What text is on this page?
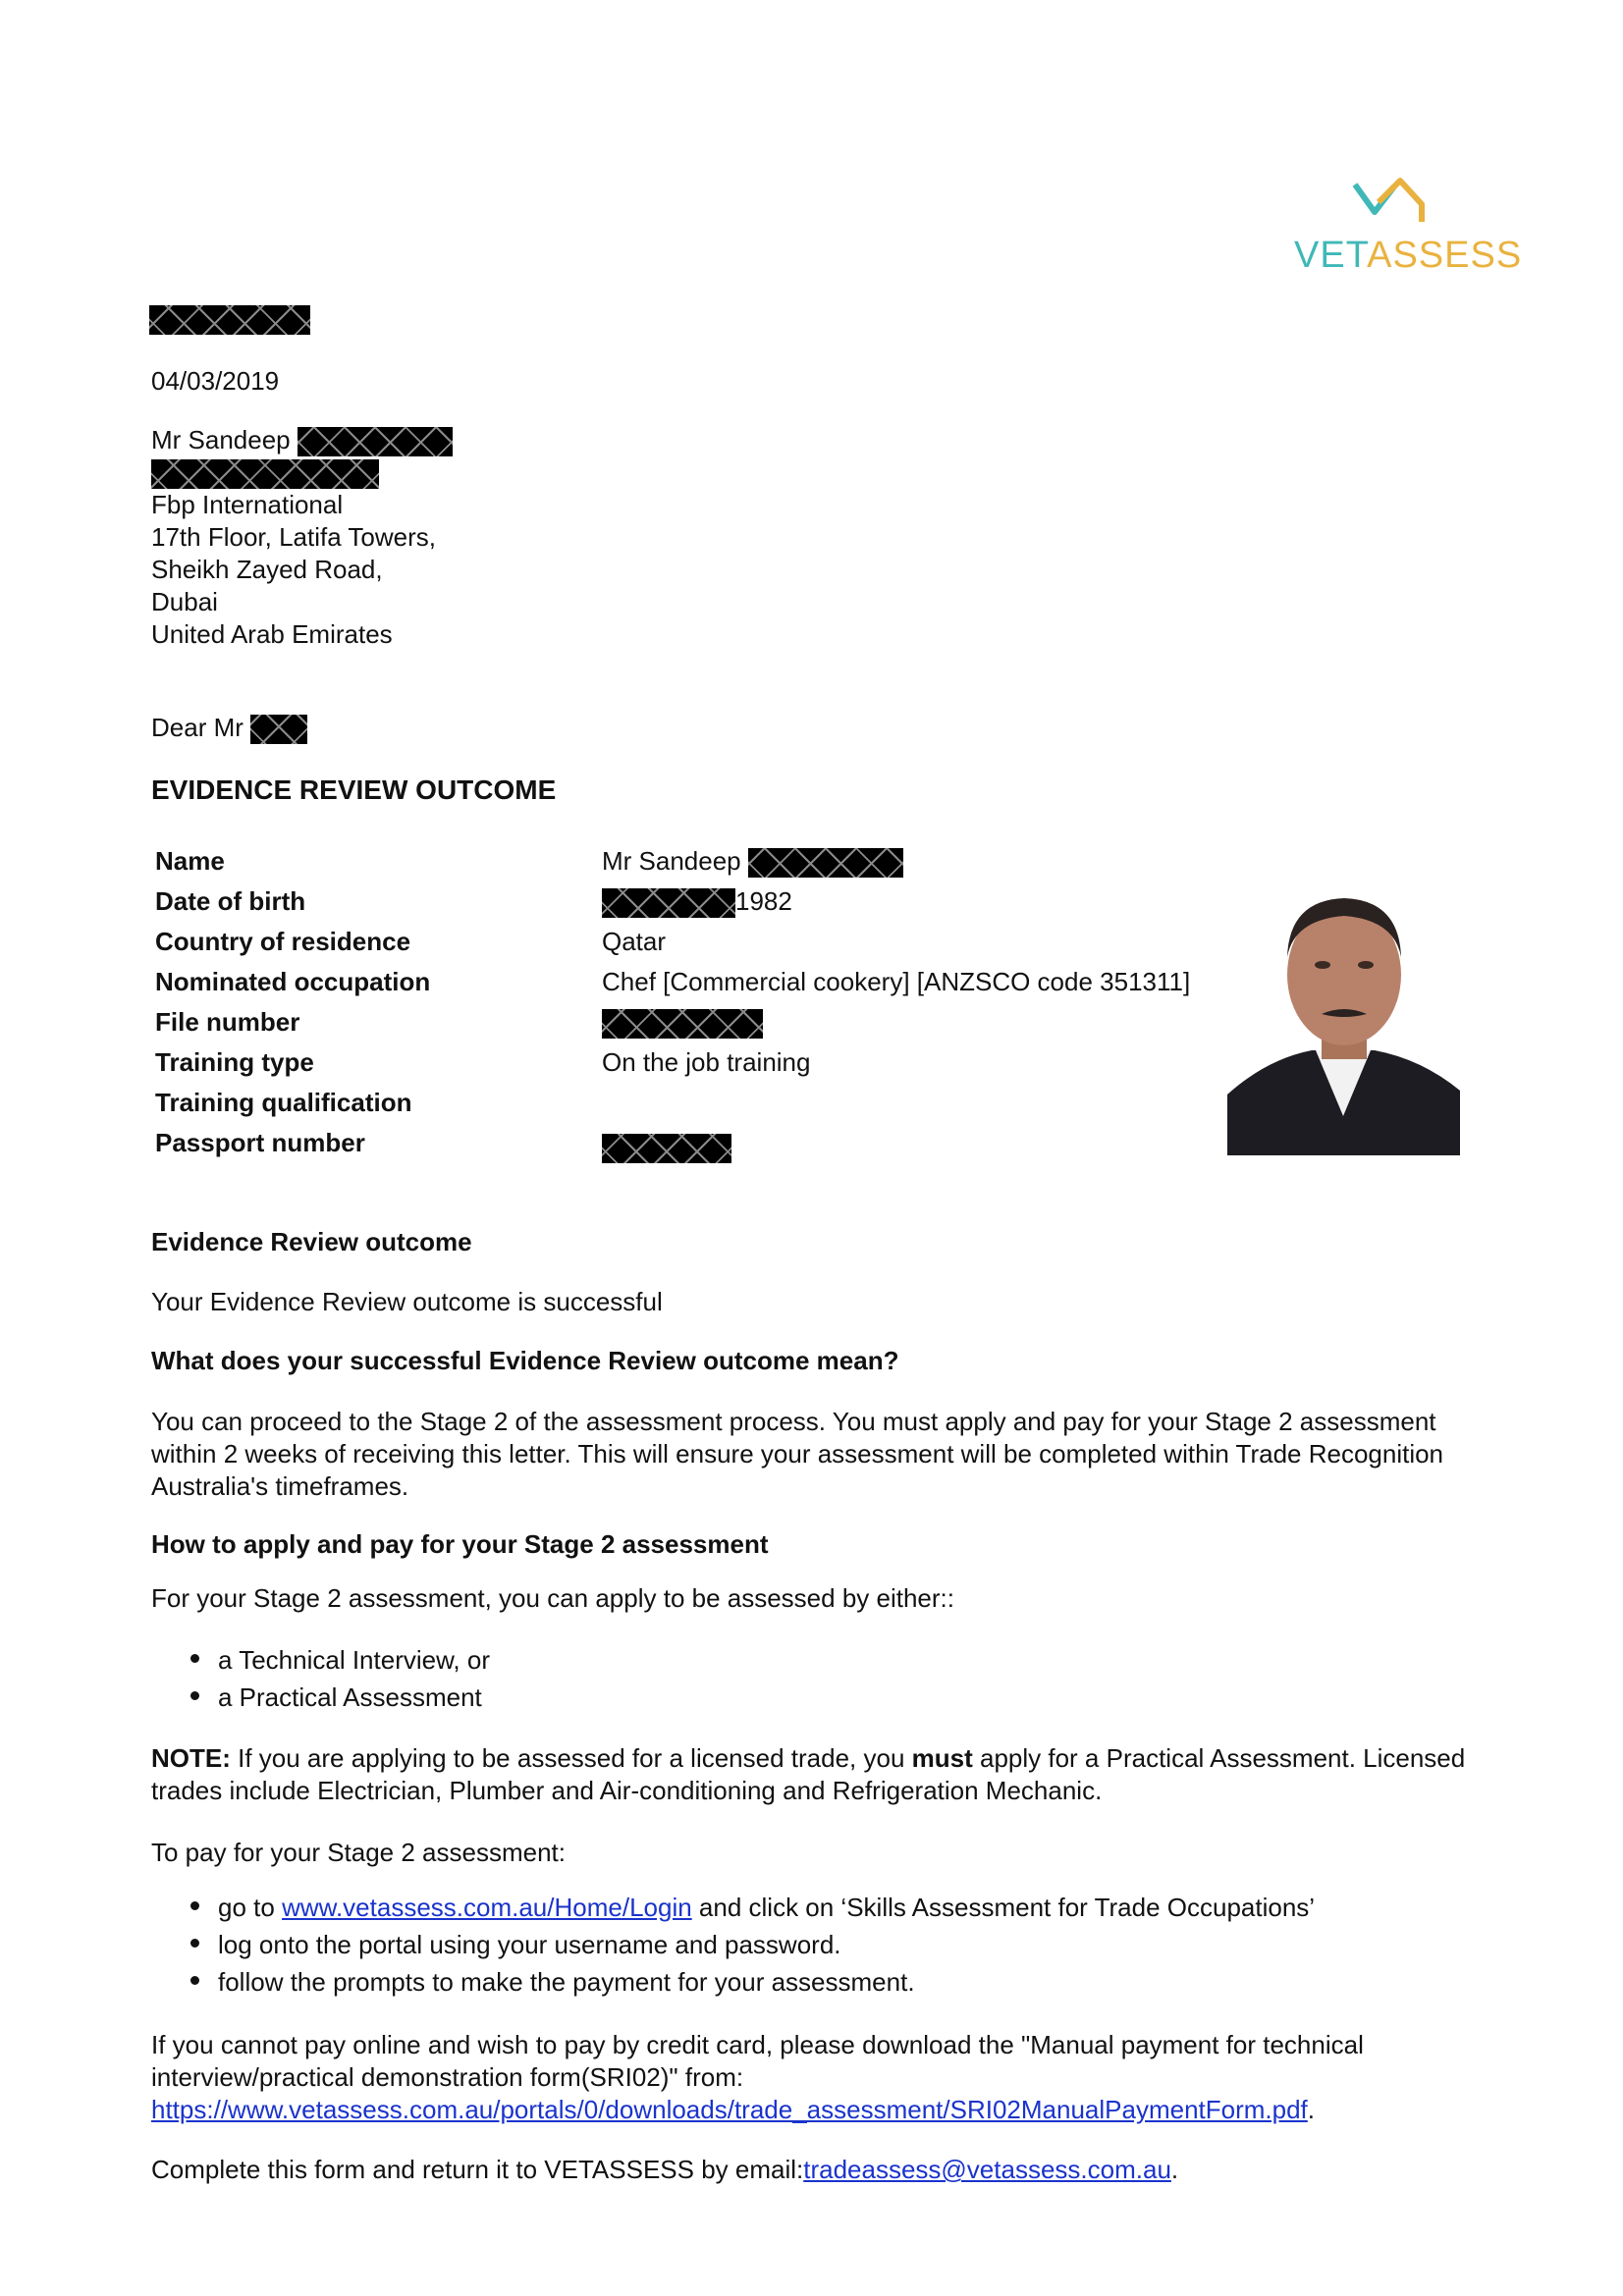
VETASSESS
04/03/2019
Mr Sandeep
Fbp International
17th Floor, Latifa Towers,
Sheikh Zayed Road,
Dubai
United Arab Emirates
Dear Mr
EVIDENCE REVIEW OUTCOME
Name	Mr Sandeep
Date of birth	1982
Country of residence	Qatar
Nominated occupation	Chef [Commercial cookery] [ANZSCO code 351311]
File number
Training type	On the job training
Training qualification
Passport number
Evidence Review outcome
Your Evidence Review outcome is successful
What does your successful Evidence Review outcome mean?
You can proceed to the Stage 2 of the assessment process. You must apply and pay for your Stage 2 assessment within 2 weeks of receiving this letter. This will ensure your assessment will be completed within Trade Recognition Australia's timeframes.
How to apply and pay for your Stage 2 assessment
For your Stage 2 assessment, you can apply to be assessed by either::
a Technical Interview, or
a Practical Assessment
NOTE: If you are applying to be assessed for a licensed trade, you must apply for a Practical Assessment. Licensed trades include Electrician, Plumber and Air-conditioning and Refrigeration Mechanic.
To pay for your Stage 2 assessment:
go to www.vetassess.com.au/Home/Login and click on ‘Skills Assessment for Trade Occupations’
log onto the portal using your username and password.
follow the prompts to make the payment for your assessment.
If you cannot pay online and wish to pay by credit card, please download the "Manual payment for technical interview/practical demonstration form(SRI02)" from:
https://www.vetassess.com.au/portals/0/downloads/trade_assessment/SRI02ManualPaymentForm.pdf.
Complete this form and return it to VETASSESS by email:tradeassess@vetassess.com.au.
